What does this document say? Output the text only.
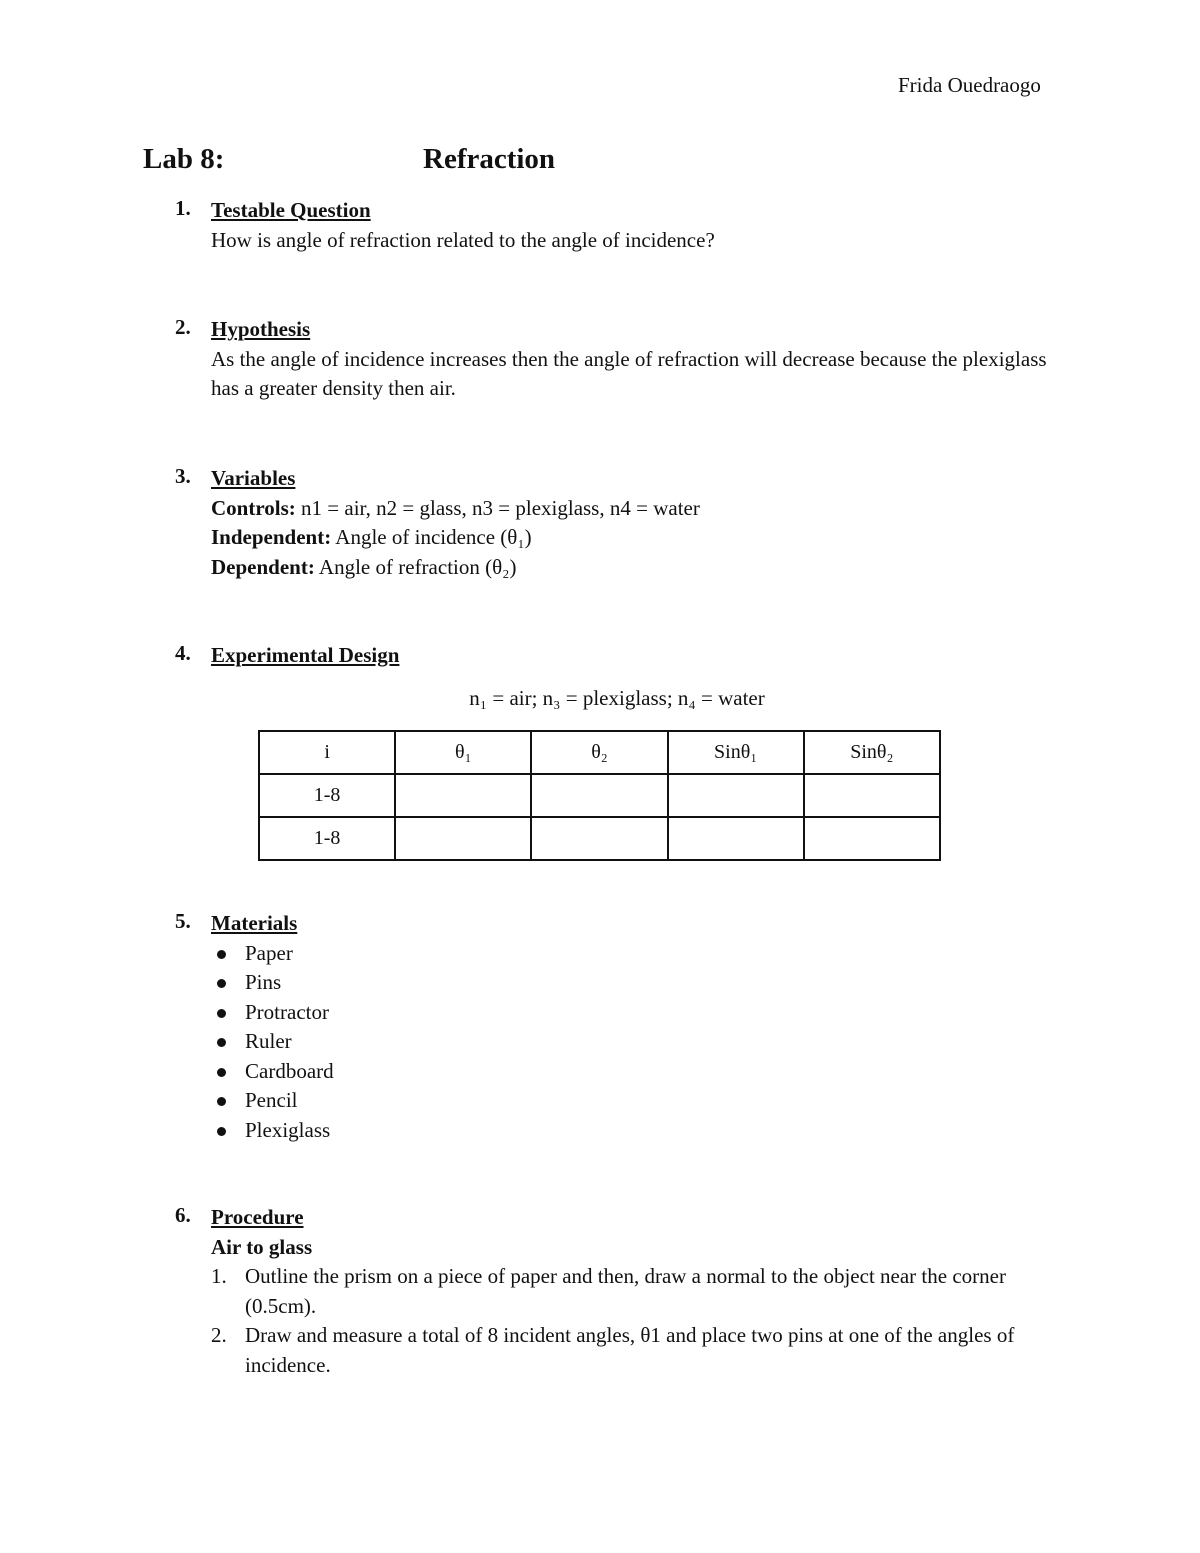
Frida Ouedraogo
Lab 8:	Refraction
1. Testable Question
How is angle of refraction related to the angle of incidence?
2. Hypothesis
As the angle of incidence increases then the angle of refraction will decrease because the plexiglass has a greater density then air.
3. Variables
Controls: n1 = air, n2 = glass, n3 = plexiglass, n4 = water
Independent: Angle of incidence (θ₁)
Dependent: Angle of refraction (θ₂)
4. Experimental Design
n₁ = air; n₃ = plexiglass; n₄ = water
i	θ₁	θ₂	Sinθ₁	Sinθ₂
1-8				
1-8				
5. Materials
Paper
Pins
Protractor
Ruler
Cardboard
Pencil
Plexiglass
6. Procedure
Air to glass
1. Outline the prism on a piece of paper and then, draw a normal to the object near the corner (0.5cm).
2. Draw and measure a total of 8 incident angles, θ1 and place two pins at one of the angles of incidence.
